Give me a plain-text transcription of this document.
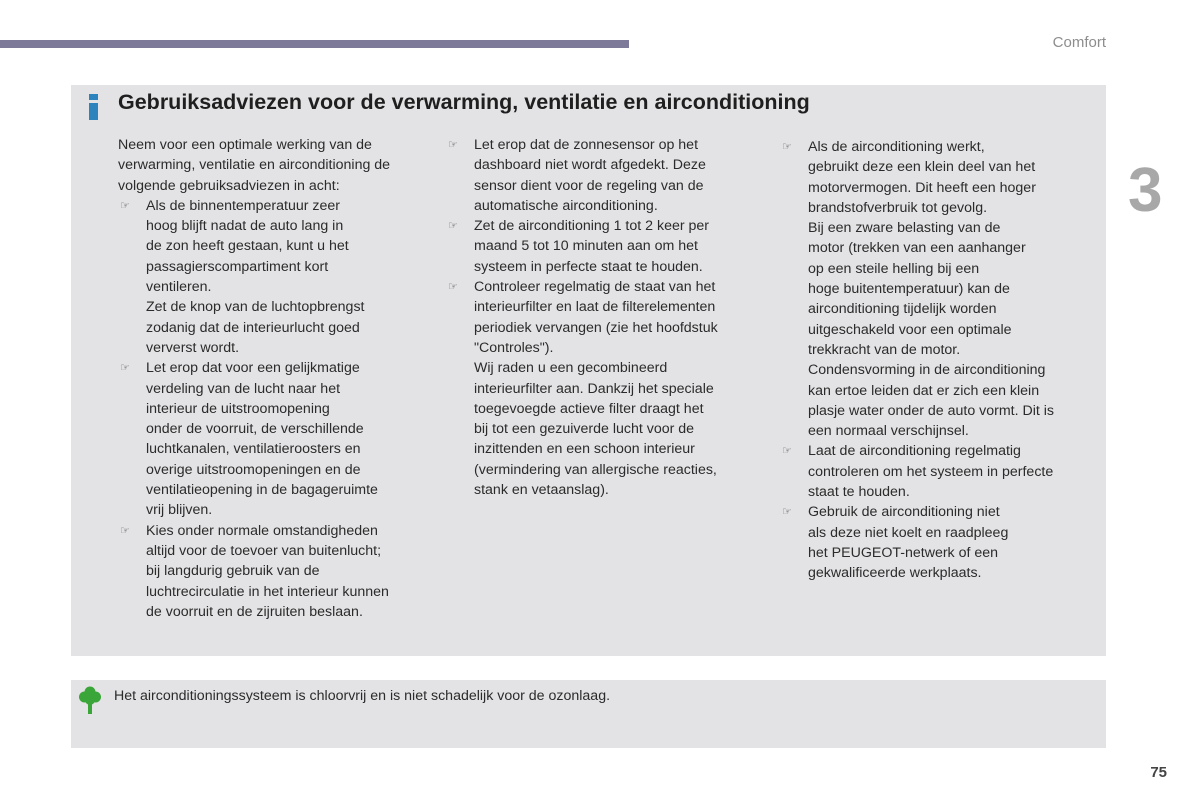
Comfort
3
Gebruiksadviezen voor de verwarming, ventilatie en airconditioning

Neem voor een optimale werking van de
verwarming, ventilatie en airconditioning de
volgende gebruiksadviezen in acht:

☞ Als de binnentemperatuur zeer
hoog blijft nadat de auto lang in
de zon heeft gestaan, kunt u het
passagierscompartiment kort
ventileren.
Zet de knop van de luchtopbrengst
zodanig dat de interieurlucht goed
ververst wordt.
☞ Let erop dat voor een gelijkmatige
verdeling van de lucht naar het
interieur de uitstroomopening
onder de voorruit, de verschillende
luchtkanalen, ventilatieroosters en
overige uitstroomopeningen en de
ventilatieopening in de bagageruimte
vrij blijven.
☞ Kies onder normale omstandigheden
altijd voor de toevoer van buitenlucht;
bij langdurig gebruik van de
luchtrecirculatie in het interieur kunnen
de voorruit en de zijruiten beslaan.
☞ Let erop dat de zonnesensor op het
dashboard niet wordt afgedekt. Deze
sensor dient voor de regeling van de
automatische airconditioning.
☞ Zet de airconditioning 1 tot 2 keer per
maand 5 tot 10 minuten aan om het
systeem in perfecte staat te houden.
☞ Controleer regelmatig de staat van het
interieurfilter en laat de filterelementen
periodiek vervangen (zie het hoofdstuk
"Controles").
Wij raden u een gecombineerd
interieurfilter aan. Dankzij het speciale
toegevoegde actieve filter draagt het
bij tot een gezuiverde lucht voor de
inzittenden en een schoon interieur
(vermindering van allergische reacties,
stank en vetaanslag).
☞ Als de airconditioning werkt,
gebruikt deze een klein deel van het
motorvermogen. Dit heeft een hoger
brandstofverbruik tot gevolg.
Bij een zware belasting van de
motor (trekken van een aanhanger
op een steile helling bij een
hoge buitentemperatuur) kan de
airconditioning tijdelijk worden
uitgeschakeld voor een optimale
trekkracht van de motor.
Condensvorming in de airconditioning
kan ertoe leiden dat er zich een klein
plasje water onder de auto vormt. Dit is
een normaal verschijnsel.
☞ Laat de airconditioning regelmatig
controleren om het systeem in perfecte
staat te houden.
☞ Gebruik de airconditioning niet
als deze niet koelt en raadpleeg
het PEUGEOT-netwerk of een
gekwalificeerde werkplaats.
Het airconditioningssysteem is chloorvrij en is niet schadelijk voor de ozonlaag.
75
